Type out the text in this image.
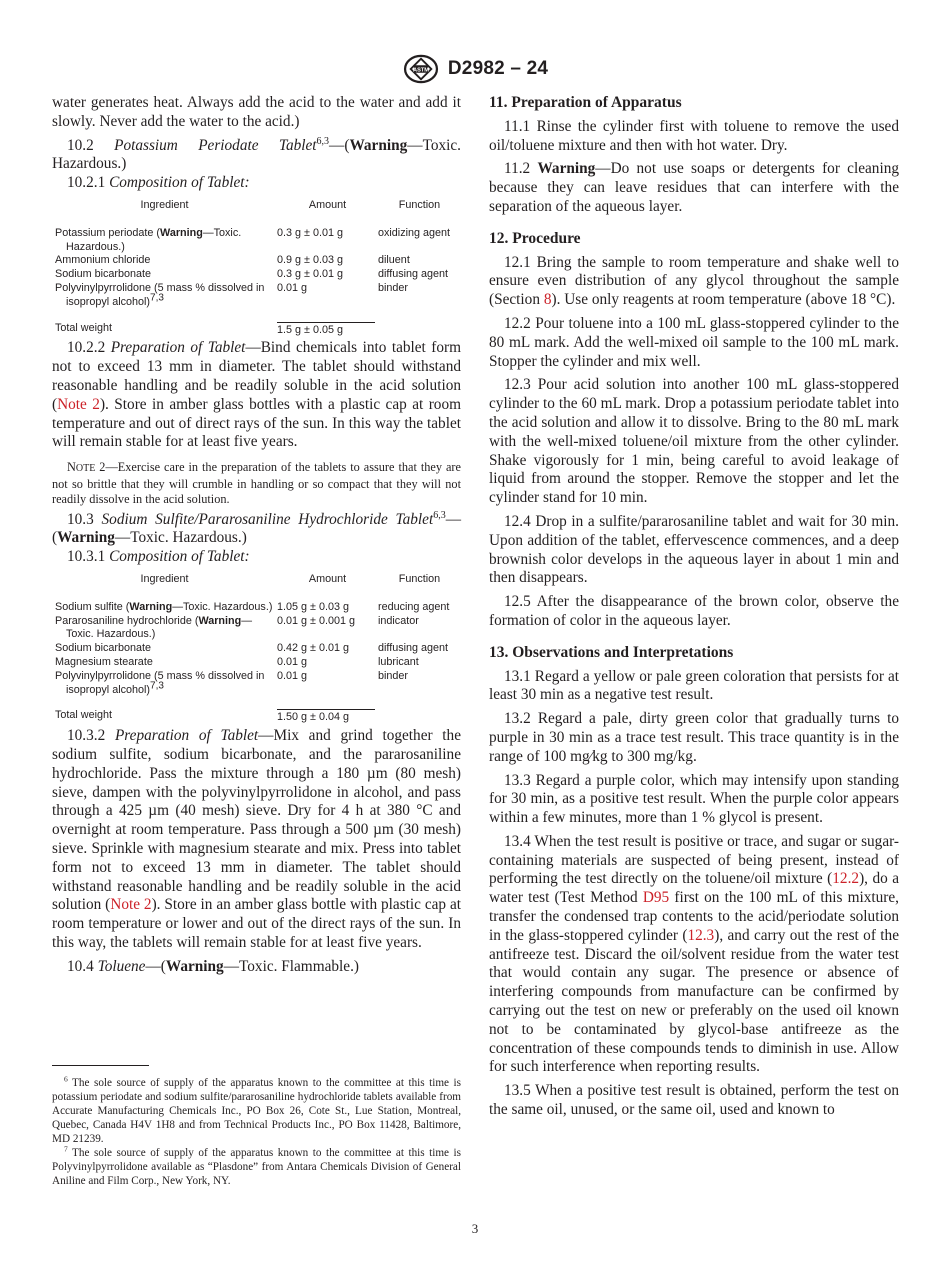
ASTM D2982 – 24

water generates heat. Always add the acid to the water and add it slowly. Never add the water to the acid.)

10.2 Potassium Periodate Tablet$^{6,3}$—(Warning—Toxic. Hazardous.)

10.2.1 Composition of Tablet:

Ingredient	Amount	Function

Potassium periodate (Warning—Toxic. Hazardous.)	0.3 g ± 0.01 g	oxidizing agent

Ammonium chloride	0.9 g ± 0.03 g	diluent

Sodium bicarbonate	0.3 g ± 0.01 g	diffusing agent

Polyvinylpyrrolidone (5 mass % dissolved in isopropyl alcohol)$^{7,3}$	0.01 g	binder
Total weight	1.5 g ± 0.05 g	

10.2.2 Preparation of Tablet—Bind chemicals into tablet form not to exceed 13 mm in diameter. The tablet should withstand reasonable handling and be readily soluble in the acid solution (Note 2). Store in amber glass bottles with a plastic cap at room temperature and out of direct rays of the sun. In this way the tablet will remain stable for at least five years.

NOTE 2—Exercise care in the preparation of the tablets to assure that they are not so brittle that they will crumble in handling or so compact that they will not readily dissolve in the acid solution.

10.3 Sodium Sulfite/Pararosaniline Hydrochloride Tablet$^{6,3}$—(Warning—Toxic. Hazardous.)

10.3.1 Composition of Tablet:

Ingredient	Amount	Function

Sodium sulfite (Warning—Toxic. Hazardous.)	1.05 g ± 0.03 g	reducing agent

Pararosaniline hydrochloride (Warning— Toxic. Hazardous.)	0.01 g ± 0.001 g	indicator

Sodium bicarbonate	0.42 g ± 0.01 g	diffusing agent

Magnesium stearate	0.01 g	lubricant

Polyvinylpyrrolidone (5 mass % dissolved in isopropyl alcohol)$^{7,3}$	0.01 g	binder
Total weight	1.50 g ± 0.04 g	

10.3.2 Preparation of Tablet—Mix and grind together the sodium sulfite, sodium bicarbonate, and the pararosaniline hydrochloride. Pass the mixture through a 180 µm (80 mesh) sieve, dampen with the polyvinylpyrrolidone in alcohol, and pass through a 425 µm (40 mesh) sieve. Dry for 4 h at 380 °C and overnight at room temperature. Pass through a 500 µm (30 mesh) sieve. Sprinkle with magnesium stearate and mix. Press into tablet form not to exceed 13 mm in diameter. The tablet should withstand reasonable handling and be readily soluble in the acid solution (Note 2). Store in an amber glass bottle with plastic cap at room temperature or lower and out of the direct rays of the sun. In this way, the tablets will remain stable for at least five years.

10.4 Toluene—(Warning—Toxic. Flammable.)

$^6$ The sole source of supply of the apparatus known to the committee at this time is potassium periodate and sodium sulfite/pararosaniline hydrochloride tablets available from Accurate Manufacturing Chemicals Inc., PO Box 26, Cote St., Lue Station, Montreal, Quebec, Canada H4V 1H8 and from Technical Products Inc., PO Box 11428, Baltimore, MD 21239.

$^7$ The sole source of supply of the apparatus known to the committee at this time is Polyvinylpyrrolidone available as “Plasdone” from Antara Chemicals Division of General Aniline and Film Corp., New York, NY.

11. Preparation of Apparatus

11.1 Rinse the cylinder first with toluene to remove the used oil/toluene mixture and then with hot water. Dry.

11.2 Warning—Do not use soaps or detergents for cleaning because they can leave residues that can interfere with the separation of the aqueous layer.

12. Procedure

12.1 Bring the sample to room temperature and shake well to ensure even distribution of any glycol throughout the sample (Section 8). Use only reagents at room temperature (above 18 °C).

12.2 Pour toluene into a 100 mL glass-stoppered cylinder to the 80 mL mark. Add the well-mixed oil sample to the 100 mL mark. Stopper the cylinder and mix well.

12.3 Pour acid solution into another 100 mL glass-stoppered cylinder to the 60 mL mark. Drop a potassium periodate tablet into the acid solution and allow it to dissolve. Bring to the 80 mL mark with the well-mixed toluene/oil mixture from the other cylinder. Shake vigorously for 1 min, being careful to avoid leakage of liquid from around the stopper. Remove the stopper and let the cylinder stand for 10 min.

12.4 Drop in a sulfite/pararosaniline tablet and wait for 30 min. Upon addition of the tablet, effervescence commences, and a deep brownish color develops in the aqueous layer in about 1 min and then disappears.

12.5 After the disappearance of the brown color, observe the formation of color in the aqueous layer.

13. Observations and Interpretations

13.1 Regard a yellow or pale green coloration that persists for at least 30 min as a negative test result.

13.2 Regard a pale, dirty green color that gradually turns to purple in 30 min as a trace test result. This trace quantity is in the range of 100 mg⁄kg to 300 mg/kg.

13.3 Regard a purple color, which may intensify upon standing for 30 min, as a positive test result. When the purple color appears within a few minutes, more than 1 % glycol is present.

13.4 When the test result is positive or trace, and sugar or sugar-containing materials are suspected of being present, instead of performing the test directly on the toluene/oil mixture (12.2), do a water test (Test Method D95 first on the 100 mL of this mixture, transfer the condensed trap contents to the acid/periodate solution in the glass-stoppered cylinder (12.3), and carry out the rest of the antifreeze test. Discard the oil/solvent residue from the water test that would contain any sugar. The presence or absence of interfering compounds from manufacture can be confirmed by carrying out the test on new or preferably on the used oil known not to be contaminated by glycol-base antifreeze as the concentration of these compounds tends to diminish in use. Allow for such interference when reporting results.

13.5 When a positive test result is obtained, perform the test on the same oil, unused, or the same oil, used and known to

3
